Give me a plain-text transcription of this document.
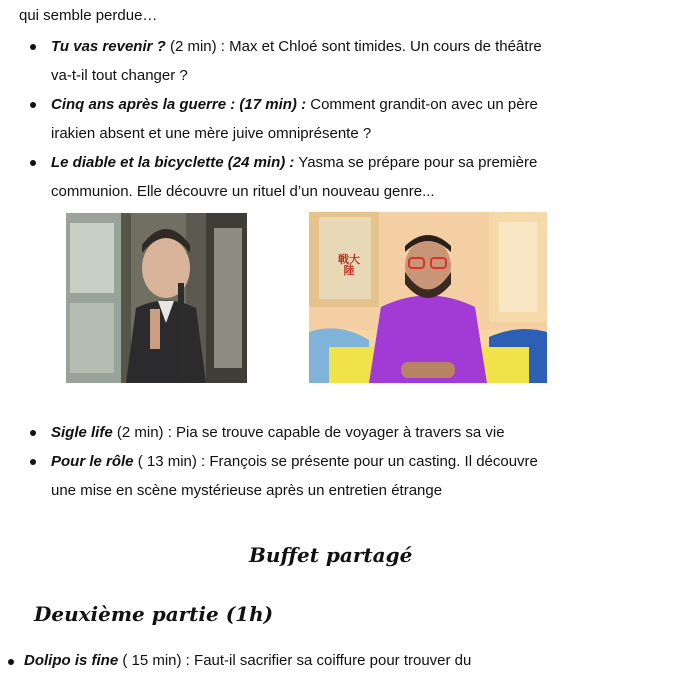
qui semble perdue…
Tu vas revenir ? (2 min) : Max et Chloé sont timides. Un cours de théâtre
va-t-il tout changer ?
Cinq ans après la guerre : (17 min) : Comment grandit-on avec un père
irakien absent et une mère juive omniprésente ?
Le diable et la bicyclette (24 min) : Yasma se prépare pour sa première
communion. Elle découvre un rituel d’un nouveau genre...
戦大陸
Sigle life (2 min) : Pia se trouve capable de voyager à travers sa vie
Pour le rôle ( 13 min) : François se présente pour un casting. Il découvre
une mise en scène mystérieuse après un entretien étrange
Buffet partagé
Deuxième partie (1h)
Dolipo is fine ( 15 min) : Faut-il sacrifier sa coiffure pour trouver du
